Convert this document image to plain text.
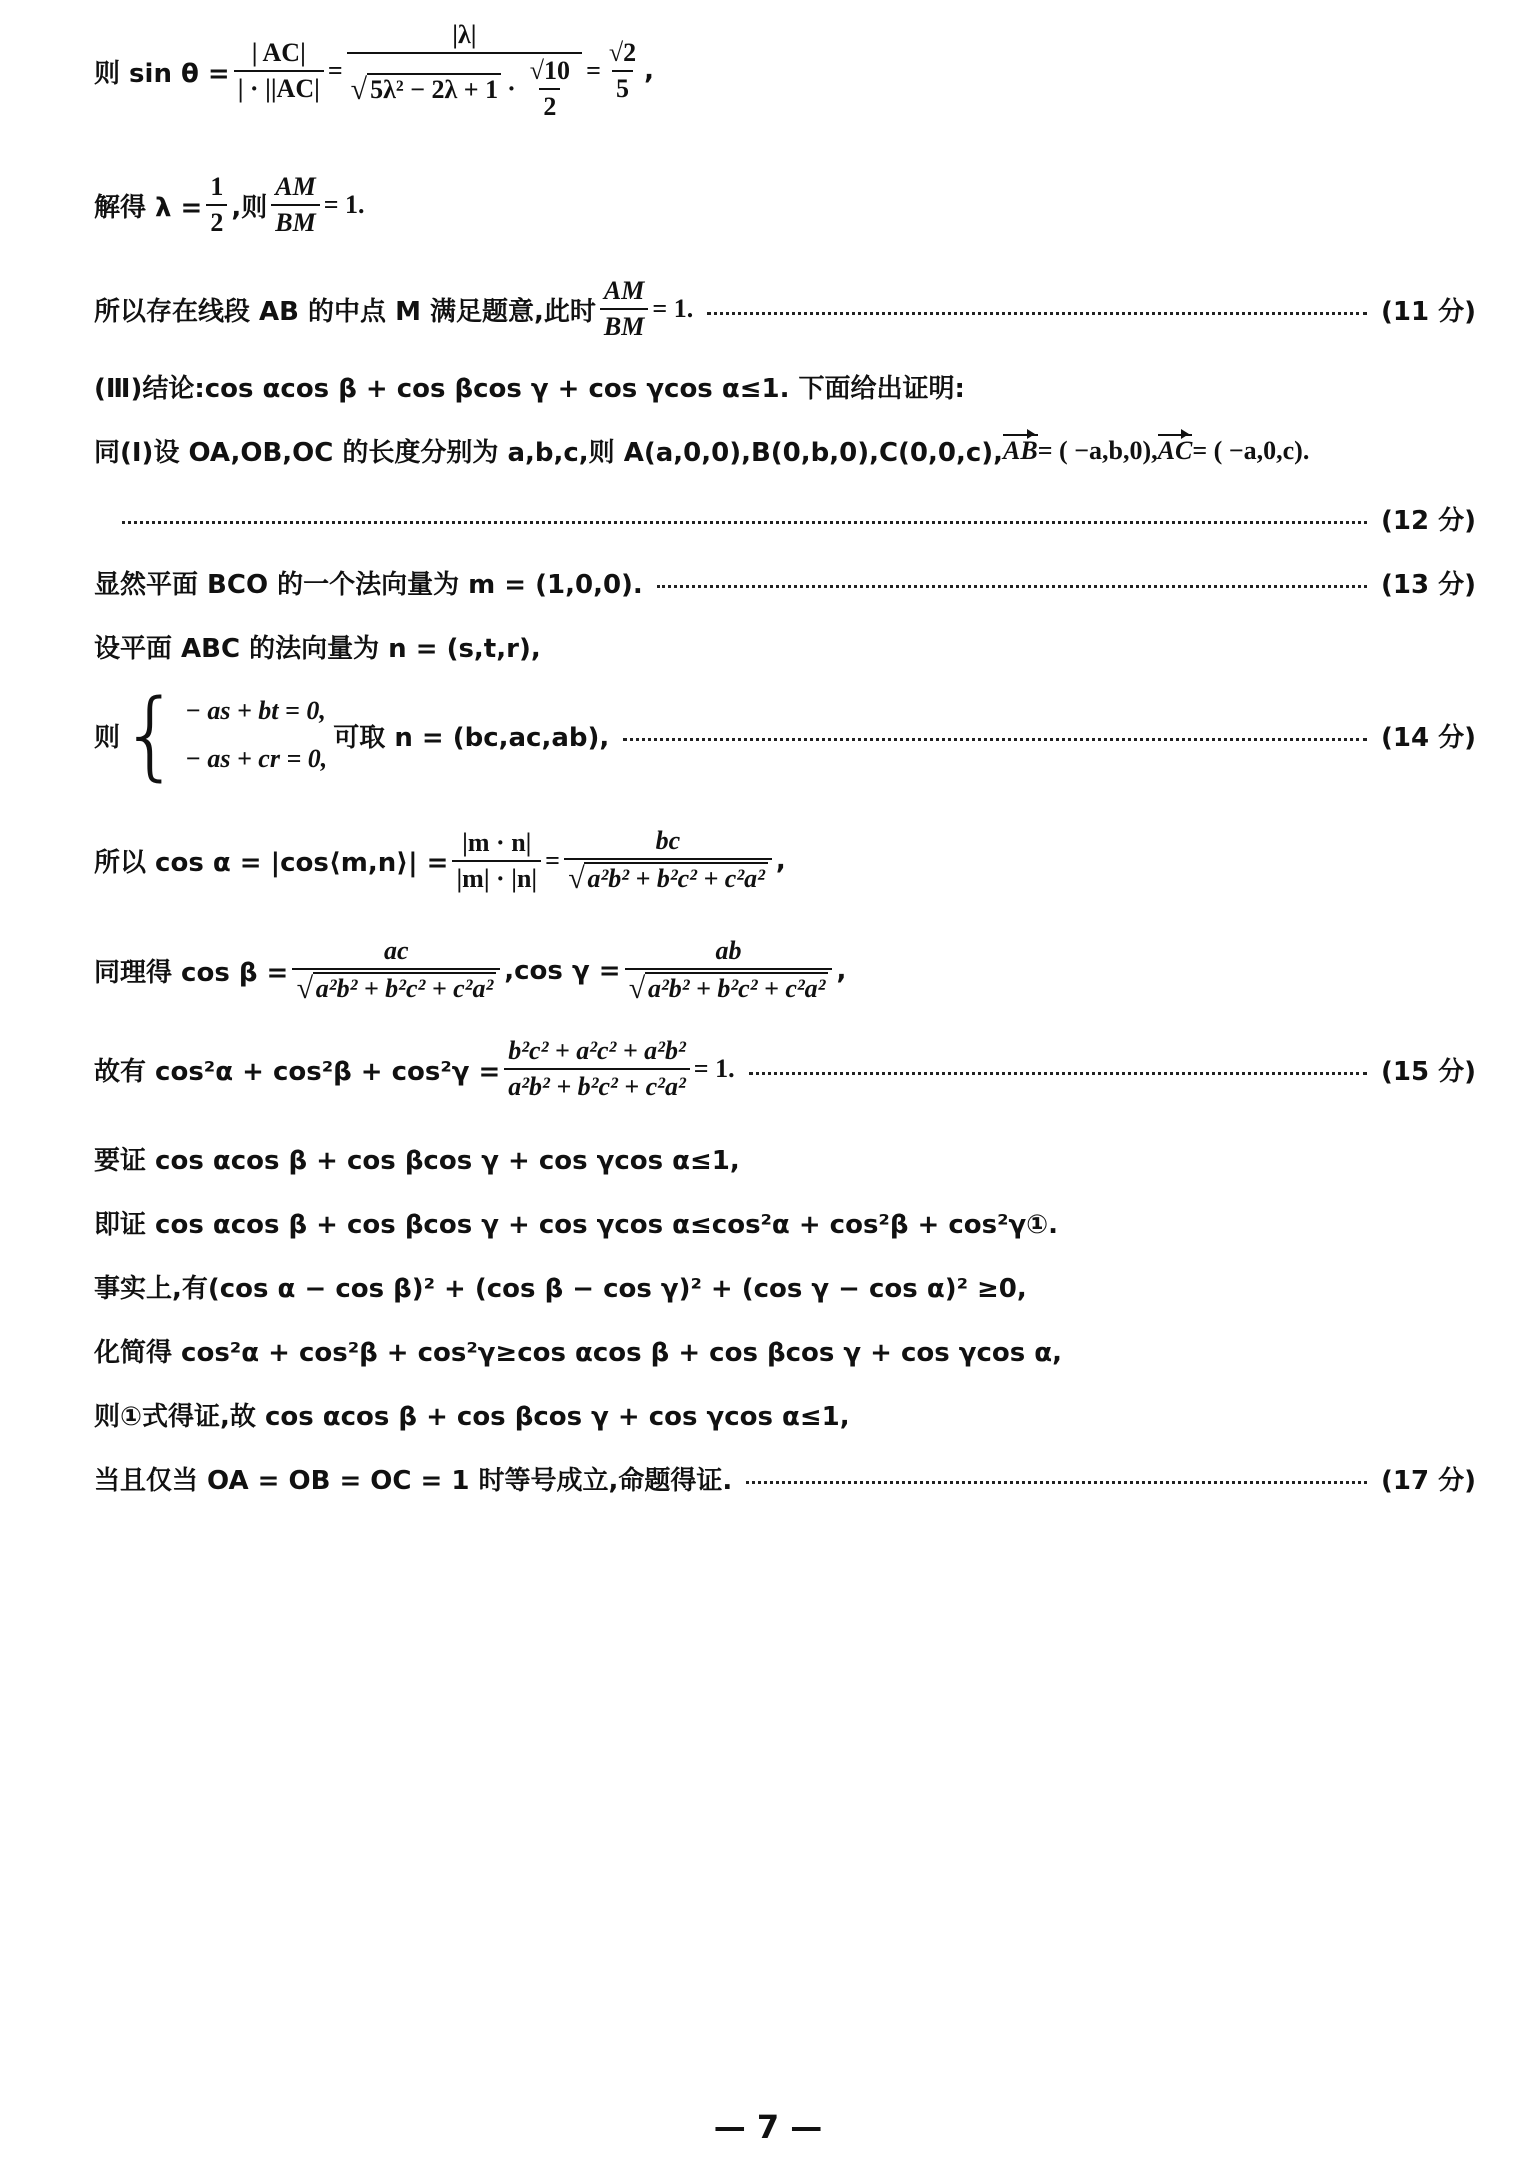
则 $\sin \theta = \frac{| AC|}{| \cdot ||AC|} = \frac{|\lambda|}{√ 5\lambda^2 - 2\lambda + 1 \cdot \frac{√10}{2}} = \frac{√2}{5}$ ,
解得 $\lambda = \frac{1}{2}$ ,则 $\frac{AM}{BM} = 1$.
所以存在线段 AB 的中点 M 满足题意,此时 $\frac{AM}{BM} = 1$.	(11 分)
(Ⅲ)结论:cos αcos β + cos βcos γ + cos γcos α≤1. 下面给出证明:
同(Ⅰ)设 OA,OB,OC 的长度分别为 a,b,c,则 A(a,0,0),B(0,b,0),C(0,0,c), AB = ( −a,b,0), AC = ( −a,0,c).
(12 分)
显然平面 BCO 的一个法向量为 m = (1,0,0).	(13 分)
设平面 ABC 的法向量为 n = (s,t,r),
则 { − as + bt = 0,
− as + cr = 0,
可取 n = (bc,ac,ab),	(14 分)
所以 cos α = |cos⟨m,n⟩| = $\frac{|m \cdot n|}{|m| \cdot |n|} = \frac{bc}{\text{√ a²b² + b²c² + c²a²}}$ ,
同理得 $\cos \beta = \frac{ac}{\text{√ a²b² + b²c² + c²a²}} ,\cos$ $\gamma = \frac{ab}{\text{√ a²b² + b²c² + c²a²}}$ ,
故有 $\cos^2\alpha + \cos^2\beta + \cos^2\gamma = \frac{\text{b²c² + a²c² + a²b²}}{\text{a²b² + b²c² + c²a²}} = 1$.	(15 分)
要证 cos αcos β + cos βcos γ + cos γcos α≤1,
即证 cos αcos β + cos βcos γ + cos γcos α≤cos²α + cos²β + cos²γ①.
事实上,有(cos α − cos β)² + (cos β − cos γ)² + (cos γ − cos α)² ≥0,
化简得 cos²α + cos²β + cos²γ≥cos αcos β + cos βcos γ + cos γcos α,
则①式得证,故 cos αcos β + cos βcos γ + cos γcos α≤1,
当且仅当 OA = OB = OC = 1 时等号成立,命题得证.	(17 分)
— 7 —
